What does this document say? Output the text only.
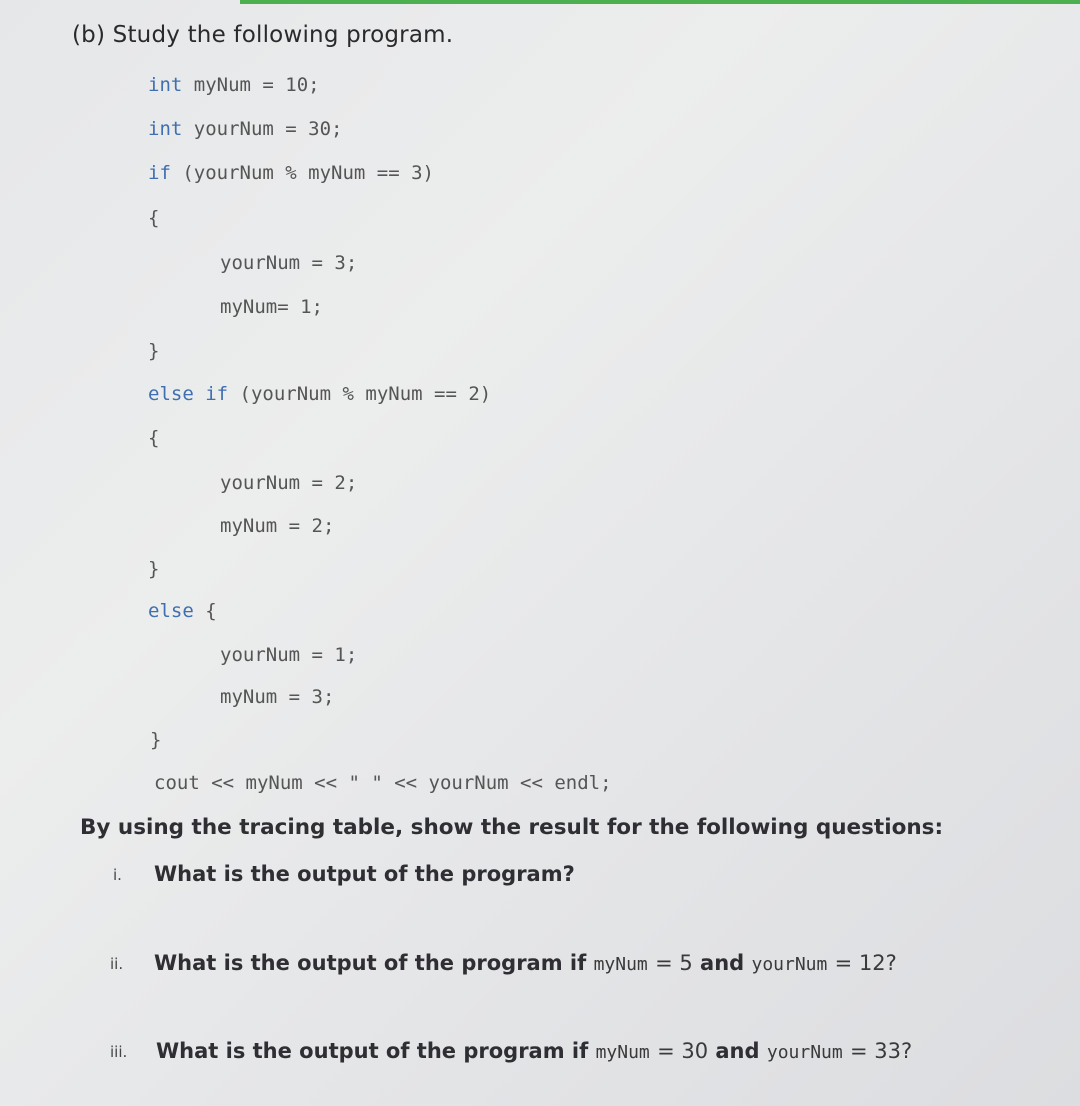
(b) Study the following program.
int myNum = 10;
int yourNum = 30;
if (yourNum % myNum == 3)
{
yourNum = 3;
myNum= 1;
}
else if (yourNum % myNum == 2)
{
yourNum = 2;
myNum = 2;
}
else {
yourNum = 1;
myNum = 3;
}
cout << myNum << " " << yourNum << endl;
By using the tracing table, show the result for the following questions:
i. What is the output of the program?
ii. What is the output of the program if myNum = 5 and yourNum = 12?
iii. What is the output of the program if myNum = 30 and yourNum = 33?
